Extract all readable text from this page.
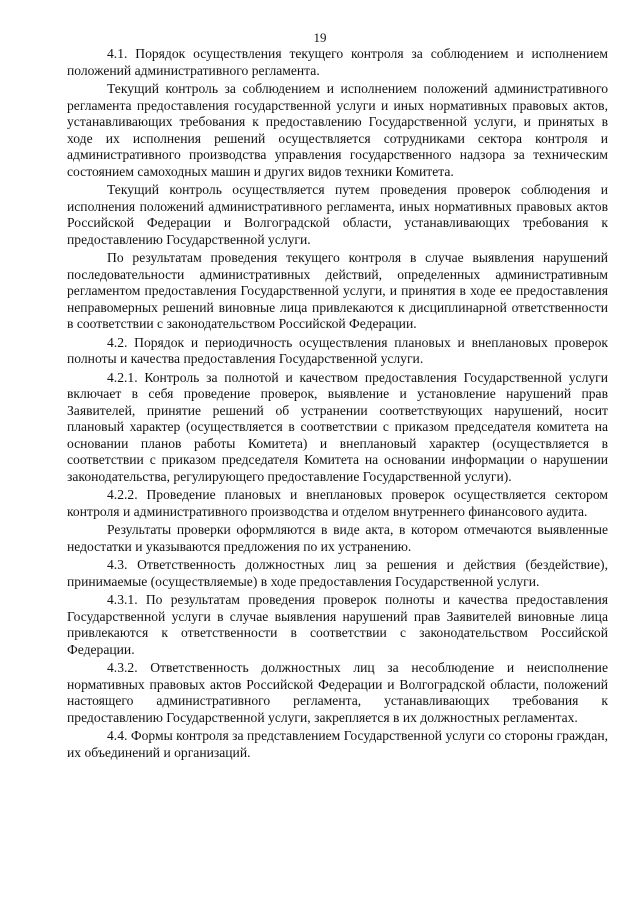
19

4.1. Порядок осуществления текущего контроля за соблюдением и исполнением положений административного регламента.

Текущий контроль за соблюдением и исполнением положений административного регламента предоставления государственной услуги и иных нормативных правовых актов, устанавливающих требования к предоставлению Государственной услуги, и принятых в ходе их исполнения решений осуществляется сотрудниками сектора контроля и административного производства управления государственного надзора за техническим состоянием самоходных машин и других видов техники Комитета.

Текущий контроль осуществляется путем проведения проверок соблюдения и исполнения положений административного регламента, иных нормативных правовых актов Российской Федерации и Волгоградской области, устанавливающих требования к предоставлению Государственной услуги.

По результатам проведения текущего контроля в случае выявления нарушений последовательности административных действий, определенных административным регламентом предоставления Государственной услуги, и принятия в ходе ее предоставления неправомерных решений виновные лица привлекаются к дисциплинарной ответственности в соответствии с законодательством Российской Федерации.

4.2. Порядок и периодичность осуществления плановых и внеплановых проверок полноты и качества предоставления Государственной услуги.

4.2.1. Контроль за полнотой и качеством предоставления Государственной услуги включает в себя проведение проверок, выявление и установление нарушений прав Заявителей, принятие решений об устранении соответствующих нарушений, носит плановый характер (осуществляется в соответствии с приказом председателя комитета на основании планов работы Комитета) и внеплановый характер (осуществляется в соответствии с приказом председателя Комитета на основании информации о нарушении законодательства, регулирующего предоставление Государственной услуги).

4.2.2. Проведение плановых и внеплановых проверок осуществляется сектором контроля и административного производства и отделом внутреннего финансового аудита.

Результаты проверки оформляются в виде акта, в котором отмечаются выявленные недостатки и указываются предложения по их устранению.

4.3. Ответственность должностных лиц за решения и действия (бездействие), принимаемые (осуществляемые) в ходе предоставления Государственной услуги.

4.3.1. По результатам проведения проверок полноты и качества предоставления Государственной услуги в случае выявления нарушений прав Заявителей виновные лица привлекаются к ответственности в соответствии с законодательством Российской Федерации.

4.3.2. Ответственность должностных лиц за несоблюдение и неисполнение нормативных правовых актов Российской Федерации и Волгоградской области, положений настоящего административного регламента, устанавливающих требования к предоставлению Государственной услуги, закрепляется в их должностных регламентах.

4.4. Формы контроля за представлением Государственной услуги со стороны граждан, их объединений и организаций.
